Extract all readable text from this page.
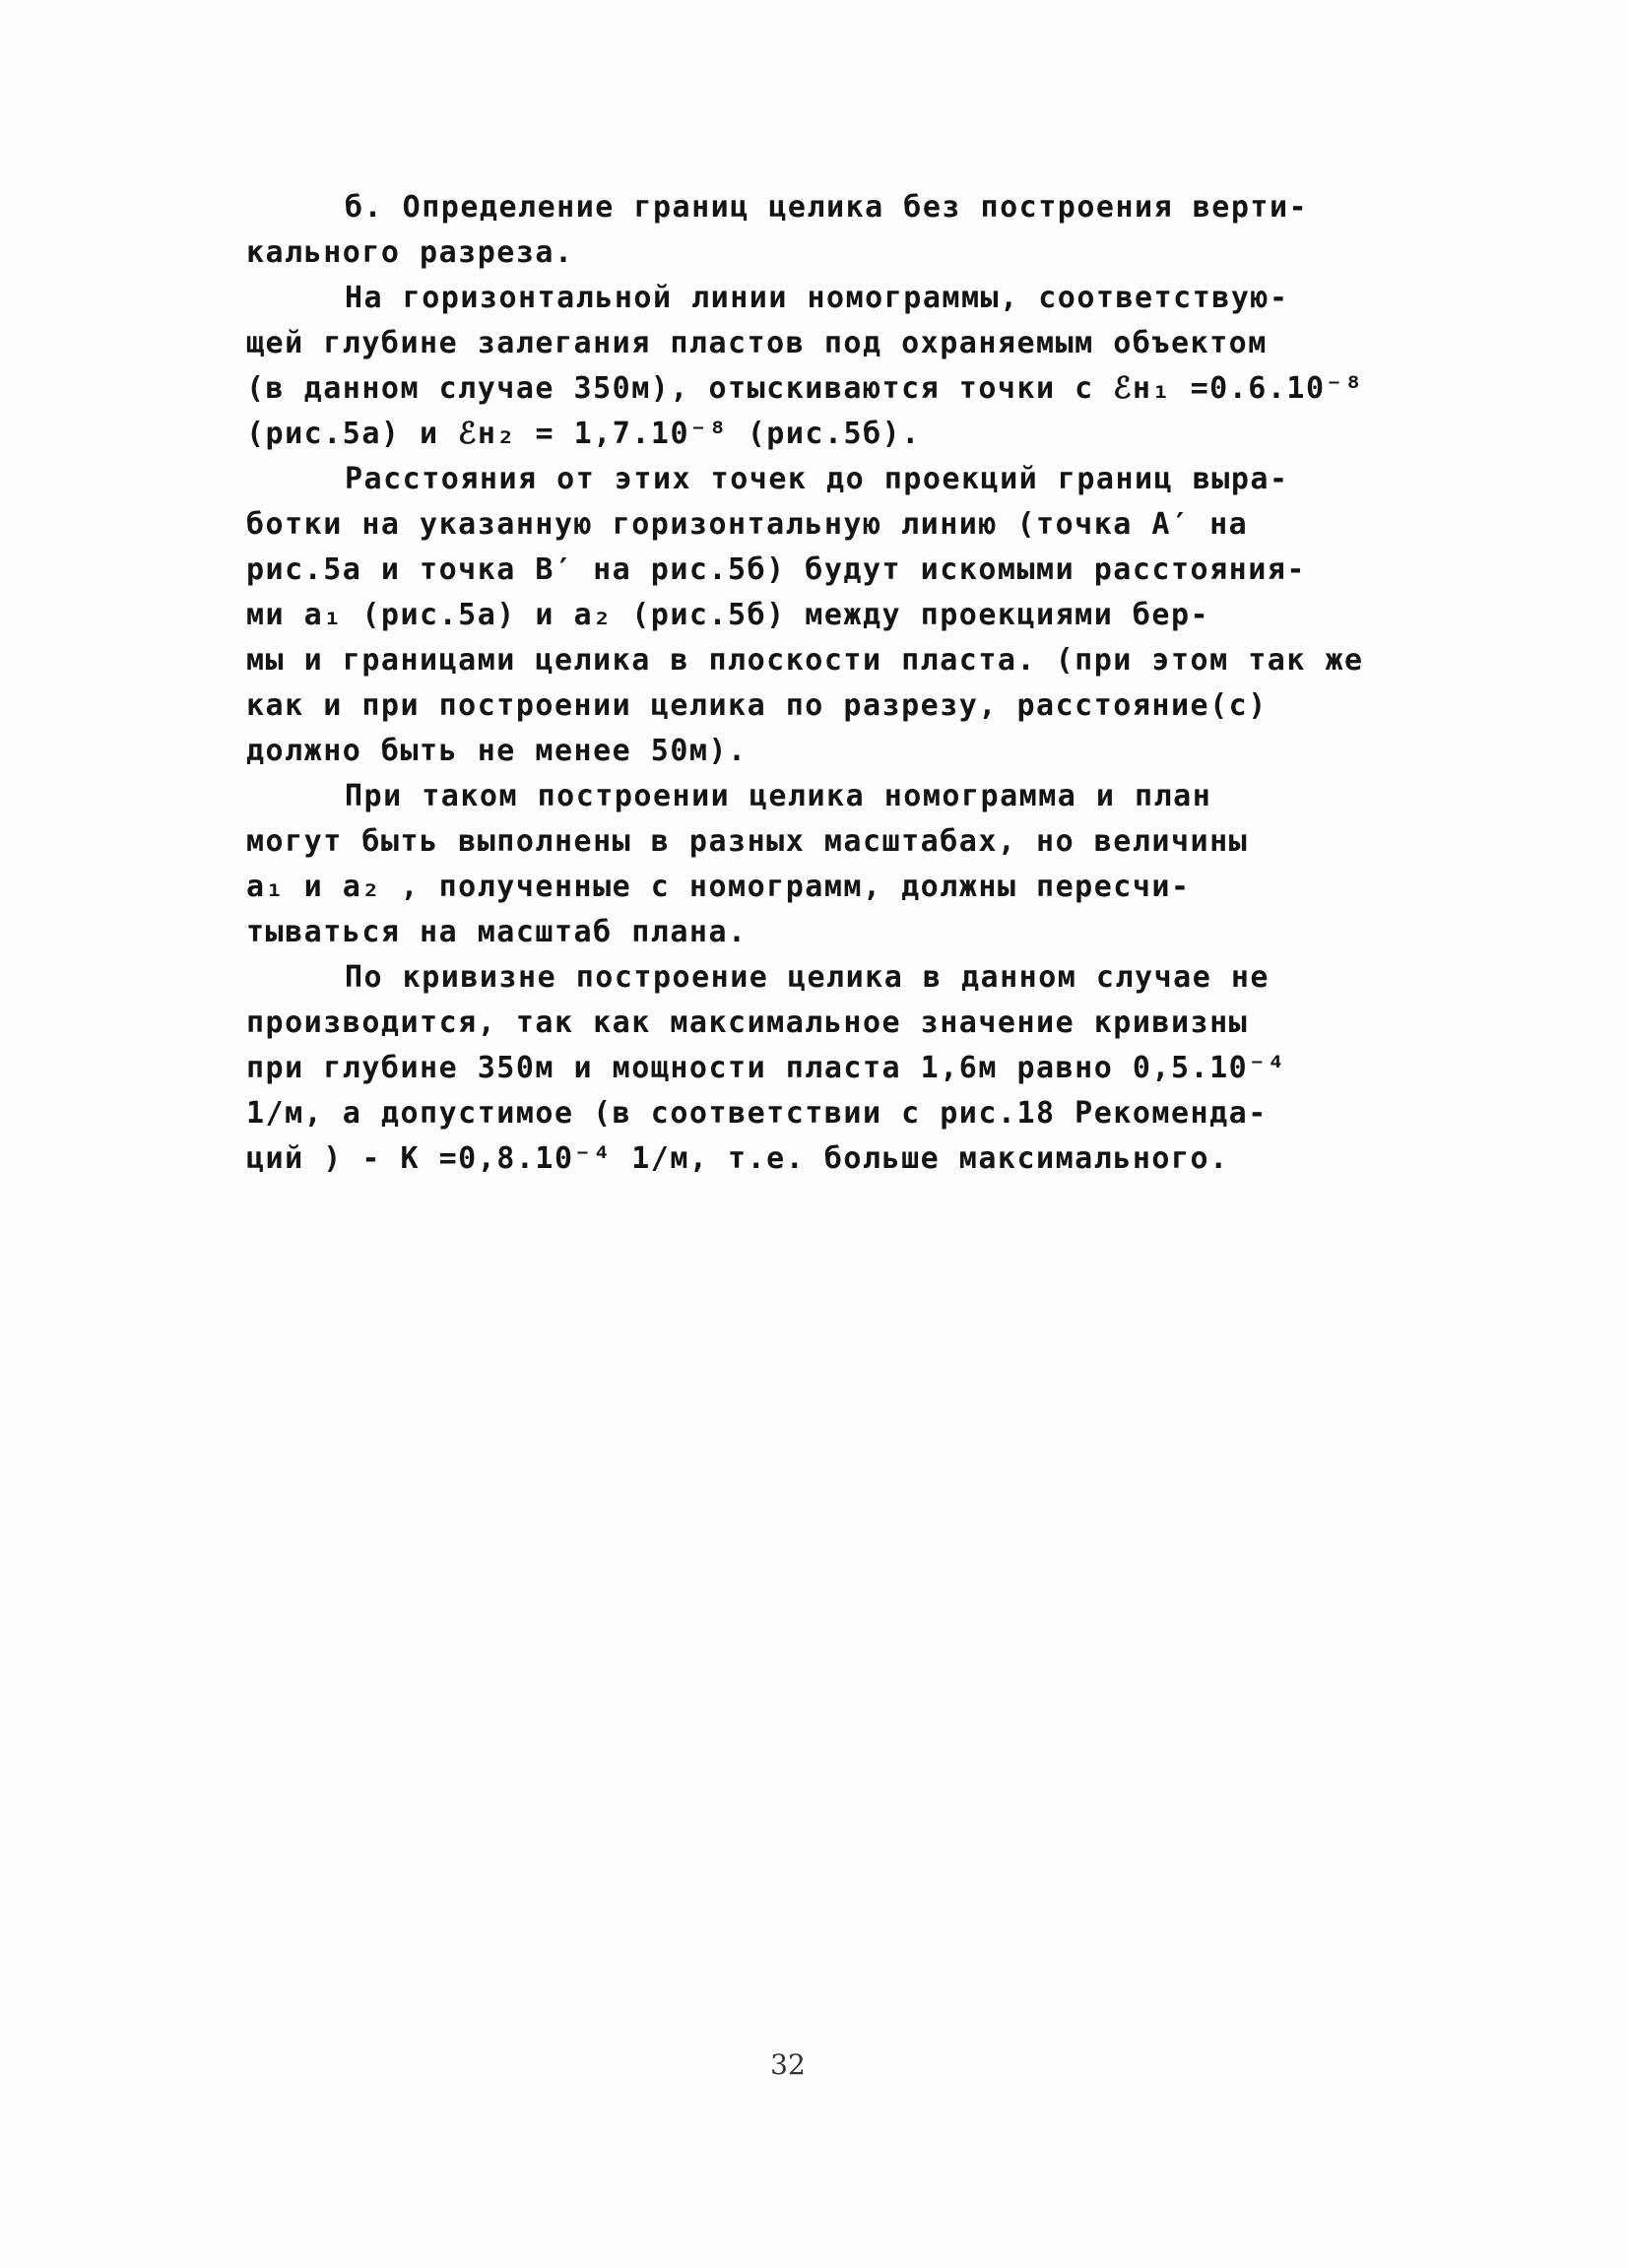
б. Определение границ целика без построения верти-
кального разреза.
На горизонтальной линии номограммы, соответствую-
щей глубине залегания пластов под охраняемым объектом
(в данном случае 350м), отыскиваются точки с ℰн₁ =0.6.10⁻⁸
(рис.5а) и ℰн₂ = 1,7.10⁻⁸ (рис.5б).
Расстояния от этих точек до проекций границ выра-
ботки на указанную горизонтальную линию (точка А′ на
рис.5а и точка В′ на рис.5б) будут искомыми расстояния-
ми a₁ (рис.5а) и a₂ (рис.5б) между проекциями бер-
мы и границами целика в плоскости пласта. (при этом так же
как и при построении целика по разрезу, расстояние(с)
должно быть не менее 50м).
При таком построении целика номограмма и план
могут быть выполнены в разных масштабах, но величины
a₁ и a₂ , полученные с номограмм, должны пересчи-
тываться на масштаб плана.
По кривизне построение целика в данном случае не
производится, так как максимальное значение кривизны
при глубине 350м и мощности пласта 1,6м равно 0,5.10⁻⁴
1/м, а допустимое (в соответствии с рис.18 Рекоменда-
ций ) - К =0,8.10⁻⁴ 1/м, т.е. больше максимального.
32
